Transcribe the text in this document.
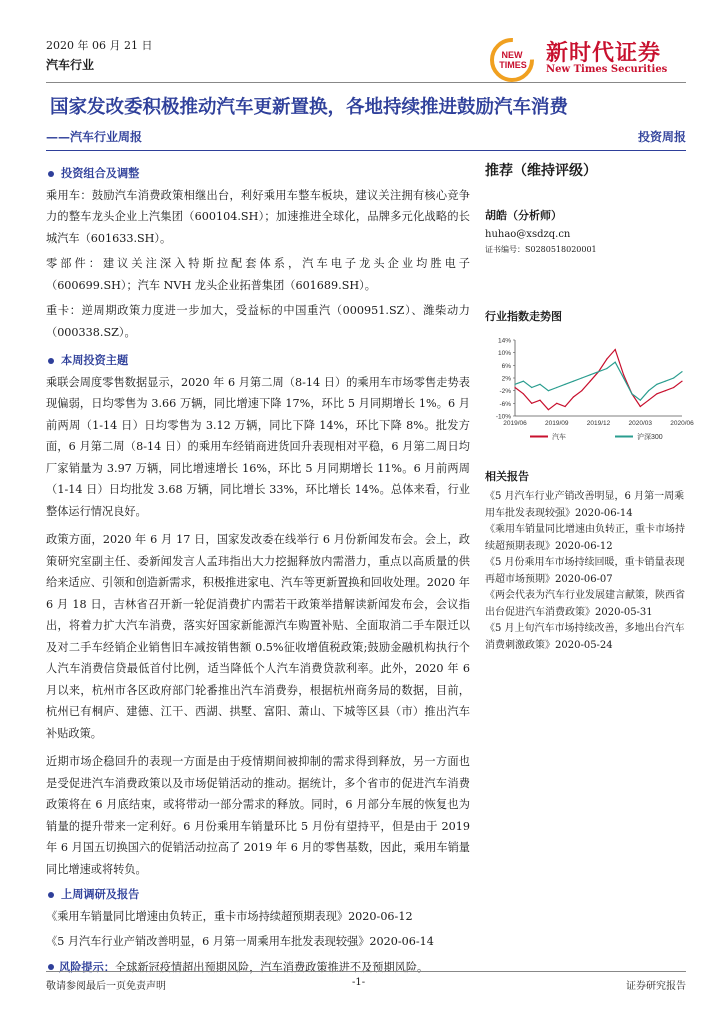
2020 年 06 月 21 日
汽车行业
NEW
TIMES 新时代证券
New Times Securities
国家发改委积极推动汽车更新置换，各地持续推进鼓励汽车消费
——汽车行业周报	投资周报
投资组合及调整
乘用车：鼓励汽车消费政策相继出台，利好乘用车整车板块，建议关注拥有核心竞争力的整车龙头企业上汽集团（600104.SH）；加速推进全球化，品牌多元化战略的长城汽车（601633.SH）。
零部件：建议关注深入特斯拉配套体系，汽车电子龙头企业均胜电子（600699.SH）；汽车 NVH 龙头企业拓普集团（601689.SH）。
重卡：逆周期政策力度进一步加大，受益标的中国重汽（000951.SZ）、潍柴动力（000338.SZ）。
本周投资主题
乘联会周度零售数据显示，2020 年 6 月第二周（8-14 日）的乘用车市场零售走势表现偏弱，日均零售为 3.66 万辆，同比增速下降 17%，环比 5 月同期增长 1%。6 月前两周（1-14 日）日均零售为 3.12 万辆，同比下降 14%，环比下降 8%。批发方面，6 月第二周（8-14 日）的乘用车经销商进货回升表现相对平稳，6 月第二周日均厂家销量为 3.97 万辆，同比增速增长 16%，环比 5 月同期增长 11%。6 月前两周（1-14 日）日均批发 3.68 万辆，同比增长 33%，环比增长 14%。总体来看，行业整体运行情况良好。
政策方面，2020 年 6 月 17 日，国家发改委在线举行 6 月份新闻发布会。会上，政策研究室副主任、委新闻发言人孟玮指出大力挖掘释放内需潜力，重点以高质量的供给来适应、引领和创造新需求，积极推进家电、汽车等更新置换和回收处理。2020 年 6 月 18 日，吉林省召开新一轮促消费扩内需若干政策举措解读新闻发布会，会议指出，将着力扩大汽车消费，落实好国家新能源汽车购置补贴、全面取消二手车限迁以及对二手车经销企业销售旧车减按销售额 0.5%征收增值税政策;鼓励金融机构执行个人汽车消费信贷最低首付比例，适当降低个人汽车消费贷款利率。此外，2020 年 6 月以来，杭州市各区政府部门轮番推出汽车消费券，根据杭州商务局的数据，目前，杭州已有桐庐、建德、江干、西湖、拱墅、富阳、萧山、下城等区县（市）推出汽车补贴政策。
近期市场企稳回升的表现一方面是由于疫情期间被抑制的需求得到释放，另一方面也是受促进汽车消费政策以及市场促销活动的推动。据统计，多个省市的促进汽车消费政策将在 6 月底结束，或将带动一部分需求的释放。同时，6 月部分车展的恢复也为销量的提升带来一定利好。6 月份乘用车销量环比 5 月份有望持平，但是由于 2019 年 6 月国五切换国六的促销活动拉高了 2019 年 6 月的零售基数，因此，乘用车销量同比增速或将转负。
上周调研及报告
《乘用车销量同比增速由负转正，重卡市场持续超预期表现》2020-06-12
《5 月汽车行业产销改善明显，6 月第一周乘用车批发表现较强》2020-06-14
风险提示：全球新冠疫情超出预期风险，汽车消费政策推进不及预期风险。
推荐（维持评级）
胡皓（分析师）
huhao@xsdzq.cn
证书编号：S0280518020001
行业指数走势图
14%
10%
6%
2%
-2%
-6%
-10%
2019/06	2019/09	2019/12	2020/03	2020/06
汽车	沪深300
相关报告
《5 月汽车行业产销改善明显，6 月第一周乘用车批发表现较强》2020-06-14
《乘用车销量同比增速由负转正，重卡市场持续超预期表现》2020-06-12
《5 月份乘用车市场持续回暖，重卡销量表现再超市场预期》2020-06-07
《两会代表为汽车行业发展建言献策，陕西省出台促进汽车消费政策》2020-05-31
《5 月上旬汽车市场持续改善，多地出台汽车消费刺激政策》2020-05-24
敬请参阅最后一页免责声明	-1-	证券研究报告
